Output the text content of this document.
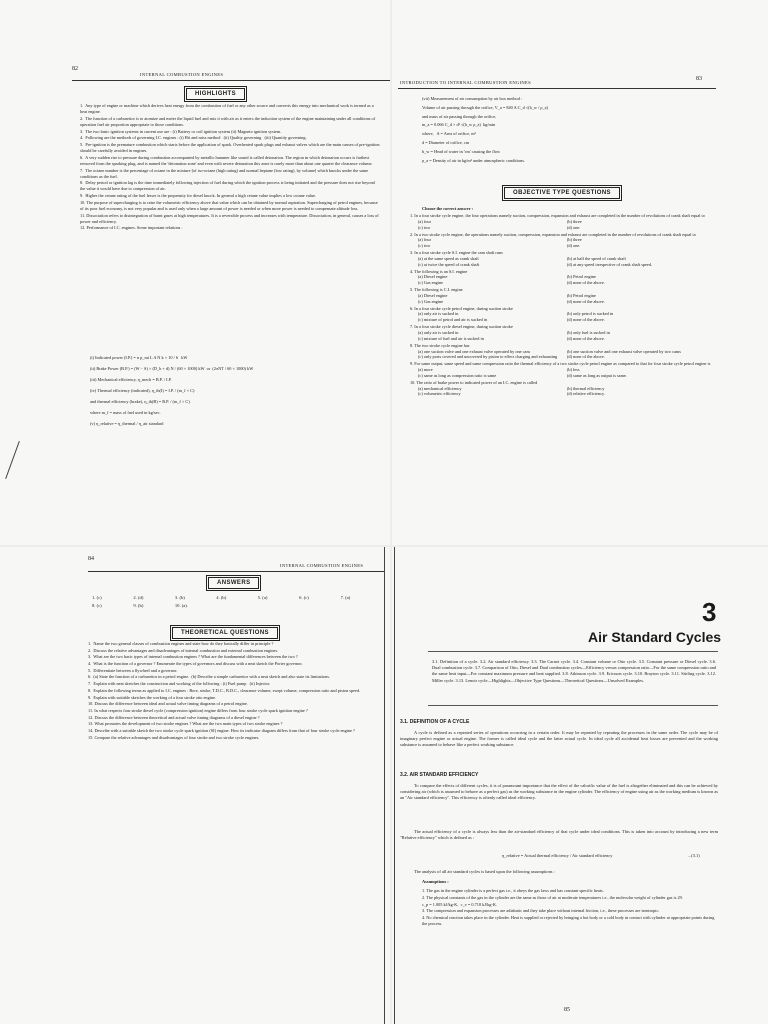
82
INTERNAL COMBUSTION ENGINES
HIGHLIGHTS
1.  Any type of engine or machine which derives heat energy from the combustion of fuel or any other source and converts this energy into mechanical work is termed as a heat engine.
2.  The function of a carburettor is to atomize and meter the liquid fuel and mix it with air as it enters the induction system of the engine maintaining under all conditions of operation fuel air proportion appropriate to those conditions.
3.  The two basic ignition systems in current use are : (i) Battery or coil ignition system (ii) Magneto ignition system.
4.  Following are the methods of governing I.C. engines : (i) Hit and miss method   (ii) Quality governing   (iii) Quantity governing.
5.  Pre-ignition is the premature combustion which starts before the application of spark. Overheated spark plugs and exhaust valves which are the main causes of pre-ignition should be carefully avoided in engines.
6.  A very sudden rise to pressure during combustion accompanied by metallic hammer like sound is called detonation. The region in which detonation occurs is farthest removed from the sparking plug, and is named the 'detonation zone' and even with severe detonation this zone is rarely more than about one quarter the clearance volume.
7.  The octane number is the percentage of octane in the mixture [of iso-octane (high rating) and normal heptane (low rating), by volume] which knocks under the same conditions as the fuel.
8.  Delay period or ignition lag is the time immediately following injection of fuel during which the ignition process is being initiated and the pressure does not rise beyond the value it would have due to compression of air.
9.  Higher the cetane rating of the fuel lesser is the propensity for diesel knock. In general a high cetane value implies a low octane value.
10. The purpose of supercharging is to raise the volumetric efficiency above that value which can be obtained by normal aspiration. Supercharging of petrol engines, because of its poor fuel economy, is not very popular and is used only when a large amount of power is needed or when more power is needed to compensate altitude loss.
11. Dissociation refers to disintegration of burnt gases at high temperatures. It is a reversible process and increases with temperature. Dissociation, in general, causes a loss of power and efficiency.
12. Performance of I.C. engines. Some important relations :
(i) Indicated power (I.P.) = n p_mi L A N k × 10 / 6   kW
(ii) Brake Power (B.P.) = (W − S) × (D_b + d) N / (60 × 1000) kW  or  (2πNT / 60 × 1000) kW
(iii) Mechanical efficiency, η_mech = B.P. / I.P.
(iv) Thermal efficiency (indicated), η_th(I) = I.P. / (m_f × C)
and thermal efficiency (brake), η_th(B) = B.P. / (m_f × C)
where m_f = mass of fuel used in kg/sec.
(v) η_relative = η_thermal / η_air standard
INTRODUCTION TO INTERNAL COMBUSTION ENGINES
83
(vii) Measurement of air consumption by air box method :
Volume of air passing through the orifice, V_a = 840 A C_d √(h_w / ρ_a)
and mass of air passing through the orifice,
m_a = 0.066 C_d × d² √(h_w ρ_a)  kg/min
where,   A = Area of orifice, m²
d = Diameter of orifice, cm
h_w = Head of water in 'cm' causing the flow
ρ_a = Density of air in kg/m³ under atmospheric conditions.
OBJECTIVE TYPE QUESTIONS
Choose the correct answer :
1. In a four stroke cycle engine, the four operations namely suction, compression, expansion and exhaust are completed in the number of revolutions of crank shaft equal to
(a) four	(b) three
(c) two	(d) one.
2. In a two stroke cycle engine, the operations namely suction, compression, expansion and exhaust are completed in the number of revolutions of crank shaft equal to
(a) four	(b) three
(c) two	(d) one.
3. In a four stroke cycle S.I. engine the cam shaft runs
(a) at the same speed as crank shaft	(b) at half the speed of crank shaft
(c) at twice the speed of crank shaft	(d) at any speed irrespective of crank shaft speed.
4. The following is an S.I. engine
(a) Diesel engine	(b) Petrol engine
(c) Gas engine	(d) none of the above.
5. The following is C.I. engine
(a) Diesel engine	(b) Petrol engine
(c) Gas engine	(d) none of the above.
6. In a four stroke cycle petrol engine, during suction stroke
(a) only air is sucked in	(b) only petrol is sucked in
(c) mixture of petrol and air is sucked in	(d) none of the above.
7. In a four stroke cycle diesel engine, during suction stroke
(a) only air is sucked in	(b) only fuel is sucked in
(c) mixture of fuel and air is sucked in	(d) none of the above.
8. The two stroke cycle engine has
(a) one suction valve and one exhaust valve operated by one cam	(b) one suction valve and one exhaust valve operated by two cams
(c) only ports covered and uncovered by piston to effect charging and exhausting	(d) none of the above.
9. For same output, same speed and same compression ratio the thermal efficiency of a two stroke cycle petrol engine as compared to that for four stroke cycle petrol engine is
(a) more	(b) less
(c) same as long as compression ratio is same	(d) same as long as output is same.
10. The ratio of brake power to indicated power of an I.C. engine is called
(a) mechanical efficiency	(b) thermal efficiency
(c) volumetric efficiency	(d) relative efficiency.
84
INTERNAL COMBUSTION ENGINES
ANSWERS
1. (c)	2. (d)	3. (b)	4. (b)	5. (a)	6. (c)	7. (a)
8. (c)	9. (b)	10. (a).
THEORETICAL QUESTIONS
1.  Name the two general classes of combustion engines and state how do they basically differ in principle ?
2.  Discuss the relative advantages and disadvantages of internal combustion and external combustion engines.
3.  What are the two basic types of internal combustion engines ? What are the fundamental differences between the two ?
4.  What is the function of a governor ? Enumerate the types of governors and discuss with a neat sketch the Porter governor.
5.  Differentiate between a flywheel and a governor.
6.  (a) State the function of a carburettor in a petrol engine.  (b) Describe a simple carburettor with a neat sketch and also state its limitations.
7.  Explain with neat sketches the construction and working of the following : (i) Fuel pump   (ii) Injector.
8.  Explain the following terms as applied to I.C. engines : Bore, stroke, T.D.C., B.D.C., clearance volume, swept volume, compression ratio and piston speed.
9.  Explain with suitable sketches the working of a four stroke otto engine.
10. Discuss the difference between ideal and actual valve timing diagrams of a petrol engine.
11. In what respects four stroke diesel cycle (compression ignition) engine differs from four stroke cycle spark ignition engine ?
12. Discuss the difference between theoretical and actual valve timing diagrams of a diesel engine ?
13. What promotes the development of two stroke engines ? What are the two main types of two stroke engines ?
14. Describe with a suitable sketch the two stroke cycle spark ignition (SI) engine. How its indicator diagram differs from that of four stroke cycle engine ?
15. Compare the relative advantages and disadvantages of four stroke and two stroke cycle engines.
3
Air Standard Cycles
3.1. Definition of a cycle. 3.2. Air standard efficiency. 3.3. The Carnot cycle. 3.4. Constant volume or Otto cycle. 3.5. Constant pressure or Diesel cycle. 3.6. Dual combustion cycle. 3.7. Comparison of Otto, Diesel and Dual combustion cycles—Efficiency versus compression ratio—For the same compression ratio and the same heat input—For constant maximum pressure and heat supplied. 3.8. Atkinson cycle. 3.9. Ericsson cycle. 3.10. Brayton cycle. 3.11. Stirling cycle. 3.12. Miller cycle. 3.13. Lenoir cycle—Highlights—Objective Type Questions—Theoretical Questions—Unsolved Examples.
3.1. DEFINITION OF A CYCLE
A cycle is defined as a repeated series of operations occurring in a certain order. It may be repeated by repeating the processes in the same order. The cycle may be of imaginary perfect engine or actual engine. The former is called ideal cycle and the latter actual cycle. In ideal cycle all accidental heat losses are prevented and the working substance is assumed to behave like a perfect working substance.
3.2. AIR STANDARD EFFICIENCY
To compare the effects of different cycles, it is of paramount importance that the effect of the calorific value of the fuel is altogether eliminated and this can be achieved by considering air (which is assumed to behave as a perfect gas) as the working substance in the engine cylinder. The efficiency of engine using air as the working medium is known as an "Air standard efficiency". This efficiency is oftenly called ideal efficiency.
The actual efficiency of a cycle is always less than the air-standard efficiency of that cycle under ideal conditions. This is taken into account by introducing a new term "Relative efficiency" which is defined as :
η_relative = Actual thermal efficiency / Air standard efficiency	...(3.1)
The analysis of all air standard cycles is based upon the following assumptions :
Assumptions :
1. The gas in the engine cylinder is a perfect gas i.e., it obeys the gas laws and has constant specific heats.
2. The physical constants of the gas in the cylinder are the same as those of air at moderate temperatures i.e., the molecular weight of cylinder gas is 29.
c_p = 1.005 kJ/kg-K,  c_v = 0.718 kJ/kg-K.
3. The compression and expansion processes are adiabatic and they take place without internal friction, i.e., these processes are isentropic.
4. No chemical reaction takes place in the cylinder. Heat is supplied or rejected by bringing a hot body or a cold body in contact with cylinder at appropriate points during the process.
85
